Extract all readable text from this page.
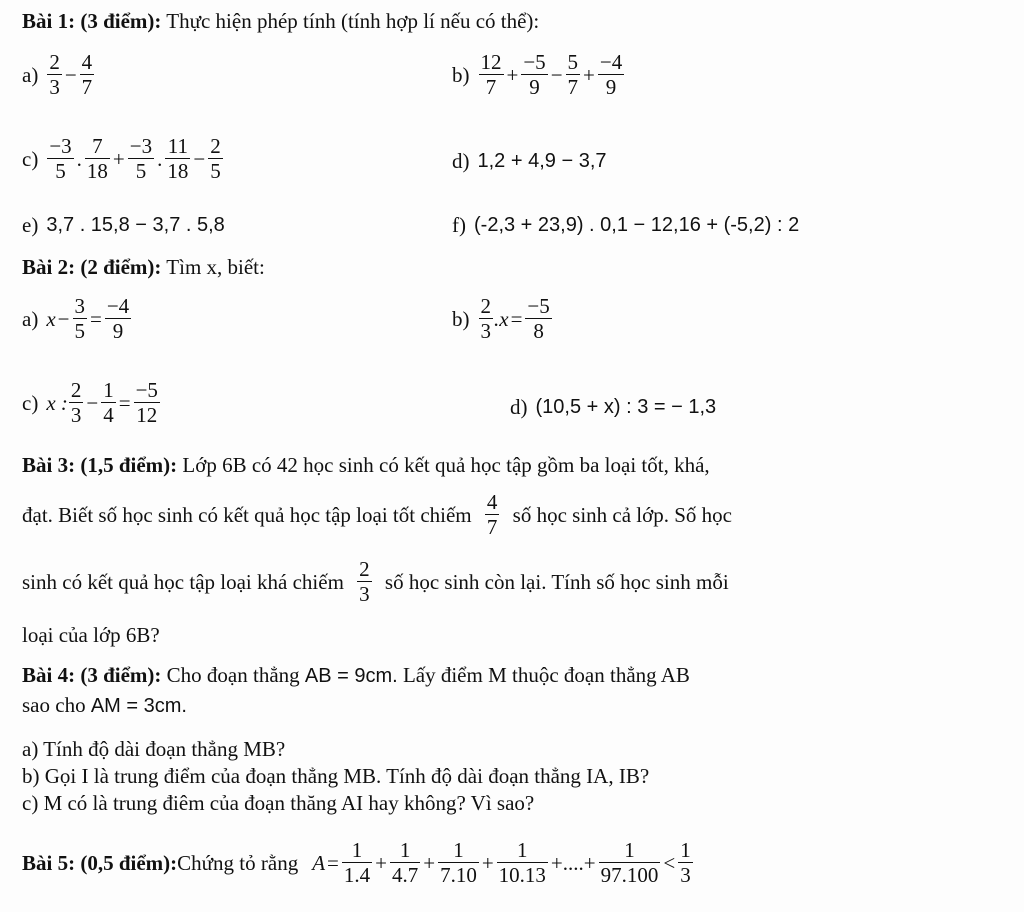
Bài 1: (3 điểm): Thực hiện phép tính (tính hợp lí nếu có thể):
$a) \frac{2}{3} - \frac{4}{7}$	$b) \frac{12}{7} + \frac{-5}{9} - \frac{5}{7} + \frac{-4}{9}$
$c) \frac{-3}{5}$ . $\frac{7}{18} + \frac{-3}{5}$ . $\frac{11}{18} - \frac{2}{5}$	d) 1,2 + 4,9 − 3,7
e) 3,7 . 15,8 − 3,7 . 5,8	f) (-2,3 + 23,9) . 0,1 − 12,16 + (-5,2) : 2
Bài 2: (2 điểm): Tìm x, biết:
a) $x- \frac{3}{5} = \frac{-4}{9}$	$b) \frac{2}{3} .x= \frac{-5}{8}$
c) x : $\frac{2}{3} - \frac{1}{4} = \frac{-5}{12}$	d) (10,5 + x) : 3 = − 1,3
Bài 3: (1,5 điểm): Lớp 6B có 42 học sinh có kết quả học tập gồm ba loại tốt, khá,
đạt. Biết số học sinh có kết quả học tập loại tốt chiếm $\frac{4}{7}$ số học sinh cả lớp. Số học
sinh có kết quả học tập loại khá chiếm $\frac{2}{3}$ số học sinh còn lại. Tính số học sinh mỗi
loại của lớp 6B?
Bài 4: (3 điểm): Cho đoạn thẳng AB = 9cm. Lấy điểm M thuộc đoạn thẳng AB
sao cho AM = 3cm.
a) Tính độ dài đoạn thẳng MB?
b) Gọi I là trung điểm của đoạn thẳng MB. Tính độ dài đoạn thẳng IA, IB?
c) M có là trung điêm của đoạn thăng AI hay không? Vì sao?
Bài 5: (0,5 điểm):Chứng tỏ rằng $A= \frac{1}{1.4} + \frac{1}{4.7} + \frac{1}{7.10} + \frac{1}{10.13}$ +....+ $\frac{1}{97.100} < \frac{1}{3}$
